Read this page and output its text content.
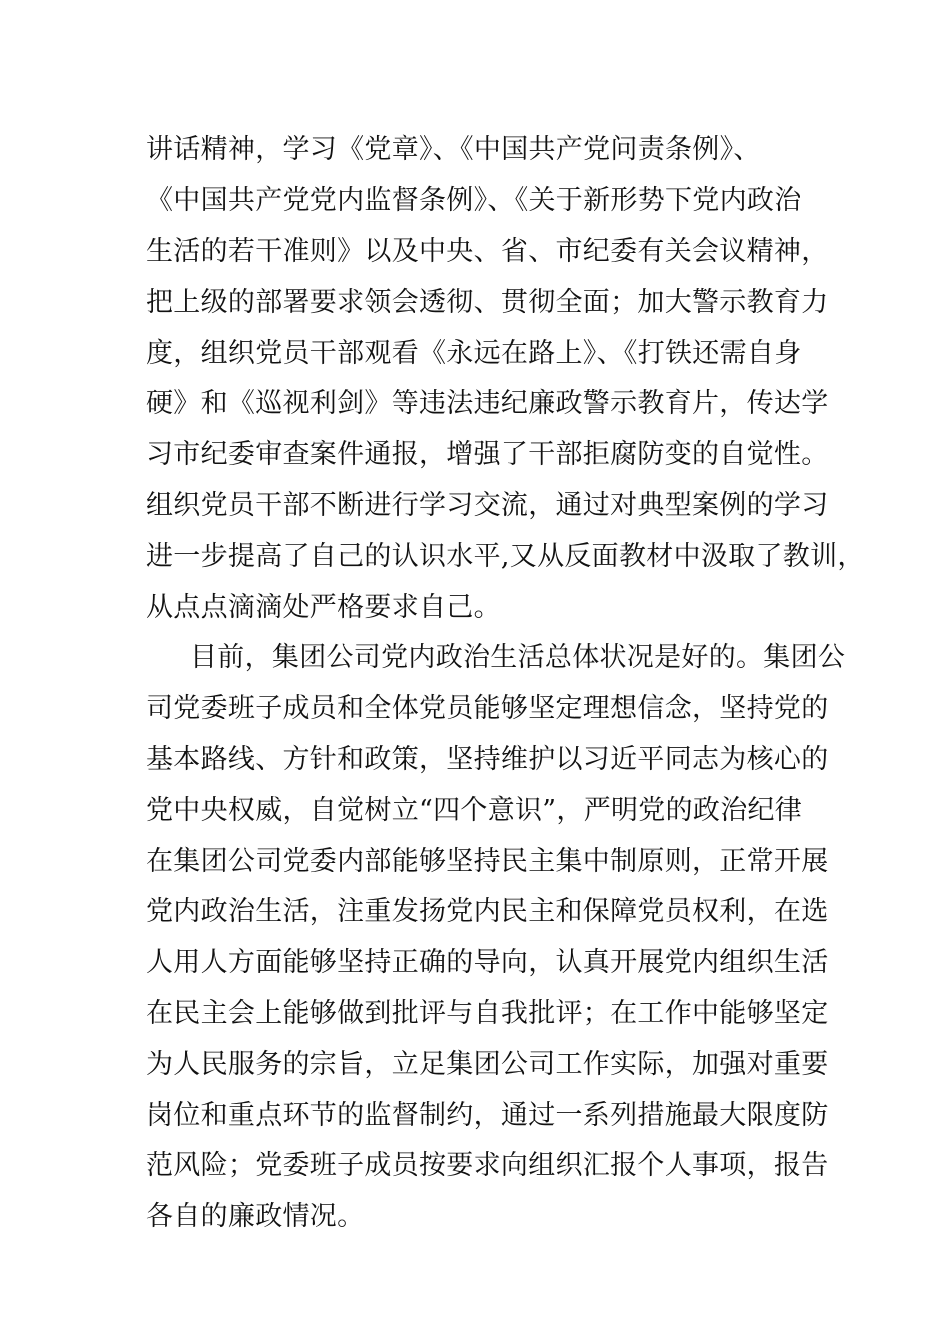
讲话精神，学习《党章》、《中国共产党问责条例》、
《中国共产党党内监督条例》、《关于新形势下党内政治
生活的若干准则》以及中央、省、市纪委有关会议精神，
把上级的部署要求领会透彻、贯彻全面；加大警示教育力
度，组织党员干部观看《永远在路上》、《打铁还需自身
硬》和《巡视利剑》等违法违纪廉政警示教育片，传达学
习市纪委审查案件通报，增强了干部拒腐防变的自觉性。
组织党员干部不断进行学习交流，通过对典型案例的学习
进一步提高了自己的认识水平,又从反面教材中汲取了教训，
从点点滴滴处严格要求自己。
目前，集团公司党内政治生活总体状况是好的。集团公
司党委班子成员和全体党员能够坚定理想信念，坚持党的
基本路线、方针和政策，坚持维护以习近平同志为核心的
党中央权威，自觉树立“四个意识”，严明党的政治纪律
在集团公司党委内部能够坚持民主集中制原则，正常开展
党内政治生活，注重发扬党内民主和保障党员权利，在选
人用人方面能够坚持正确的导向，认真开展党内组织生活
在民主会上能够做到批评与自我批评；在工作中能够坚定
为人民服务的宗旨，立足集团公司工作实际，加强对重要
岗位和重点环节的监督制约，通过一系列措施最大限度防
范风险；党委班子成员按要求向组织汇报个人事项，报告
各自的廉政情况。
